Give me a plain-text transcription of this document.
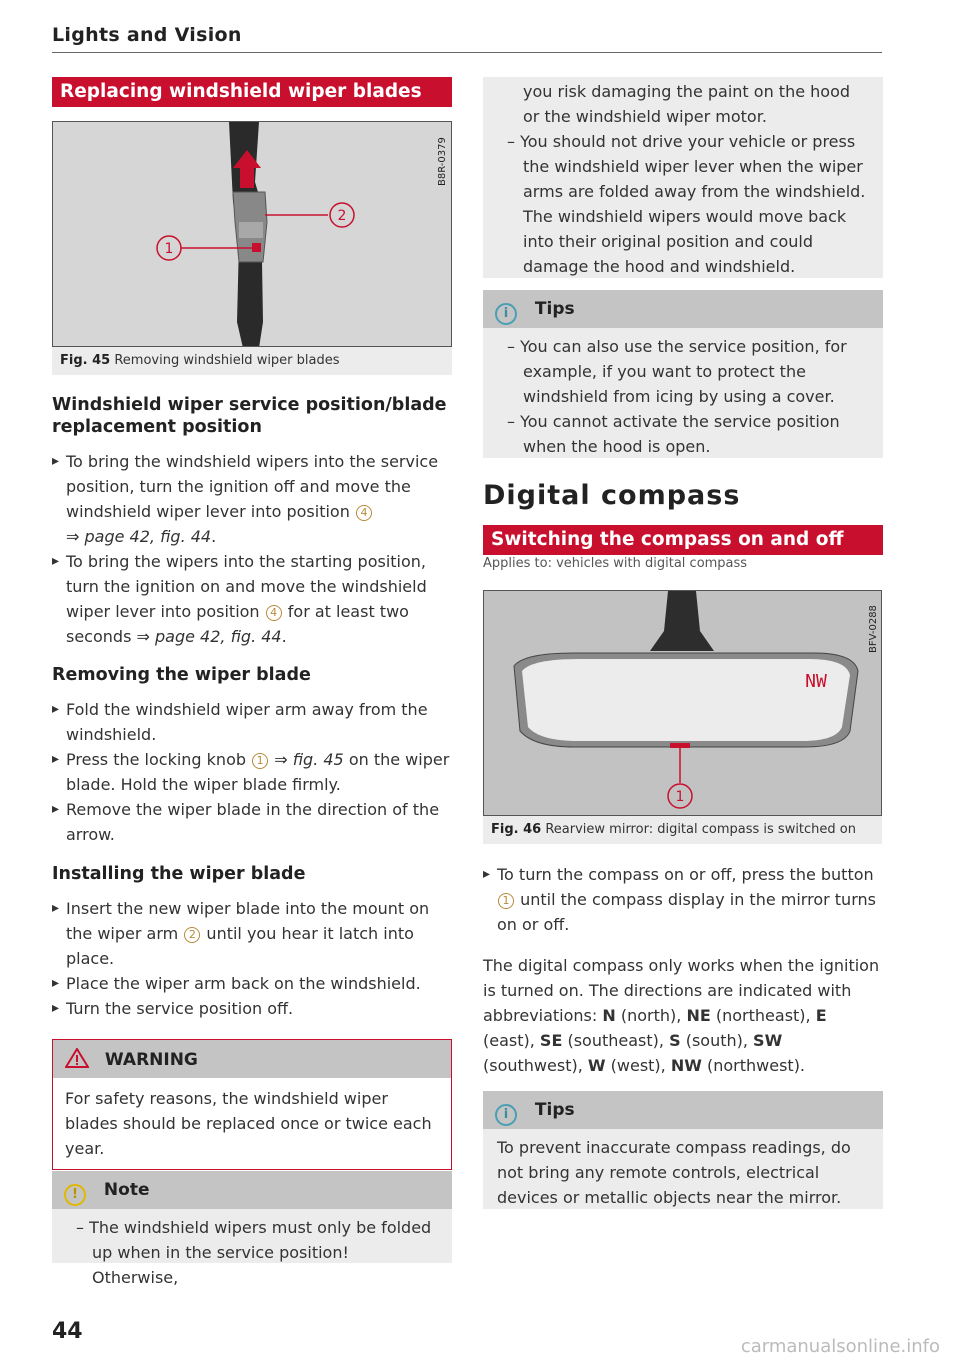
Lights and Vision
Replacing windshield wiper blades
1
2
B8R-0379
Fig. 45 Removing windshield wiper blades
Windshield wiper service position/blade replacement position
▸ To bring the windshield wipers into the service position, turn the ignition off and move the windshield wiper lever into position 4
⇒ page 42, fig. 44.
▸ To bring the wipers into the starting position, turn the ignition on and move the windshield wiper lever into position 4 for at least two seconds ⇒ page 42, fig. 44.
Removing the wiper blade
▸ Fold the windshield wiper arm away from the windshield.
▸ Press the locking knob 1 ⇒ fig. 45 on the wiper blade. Hold the wiper blade firmly.
▸ Remove the wiper blade in the direction of the arrow.
Installing the wiper blade
▸ Insert the new wiper blade into the mount on the wiper arm 2 until you hear it latch into place.
▸ Place the wiper arm back on the windshield.
▸ Turn the service position off.
WARNING
For safety reasons, the windshield wiper blades should be replaced once or twice each year.
! Note
– The windshield wipers must only be folded up when in the service position! Otherwise,
you risk damaging the paint on the hood or the windshield wiper motor.
– You should not drive your vehicle or press the windshield wiper lever when the wiper arms are folded away from the windshield. The windshield wipers would move back into their original position and could damage the hood and windshield.
i Tips
– You can also use the service position, for example, if you want to protect the windshield from icing by using a cover.
– You cannot activate the service position when the hood is open.
Digital compass
Switching the compass on and off
Applies to: vehicles with digital compass
NW
1
BFV-0288
Fig. 46 Rearview mirror: digital compass is switched on
▸ To turn the compass on or off, press the button 1 until the compass display in the mirror turns on or off.

The digital compass only works when the ignition is turned on. The directions are indicated with abbreviations: N (north), NE (northeast), E (east), SE (southeast), S (south), SW (southwest), W (west), NW (northwest).

i Tips
To prevent inaccurate compass readings, do not bring any remote controls, electrical devices or metallic objects near the mirror.
44
carmanualsonline.info
